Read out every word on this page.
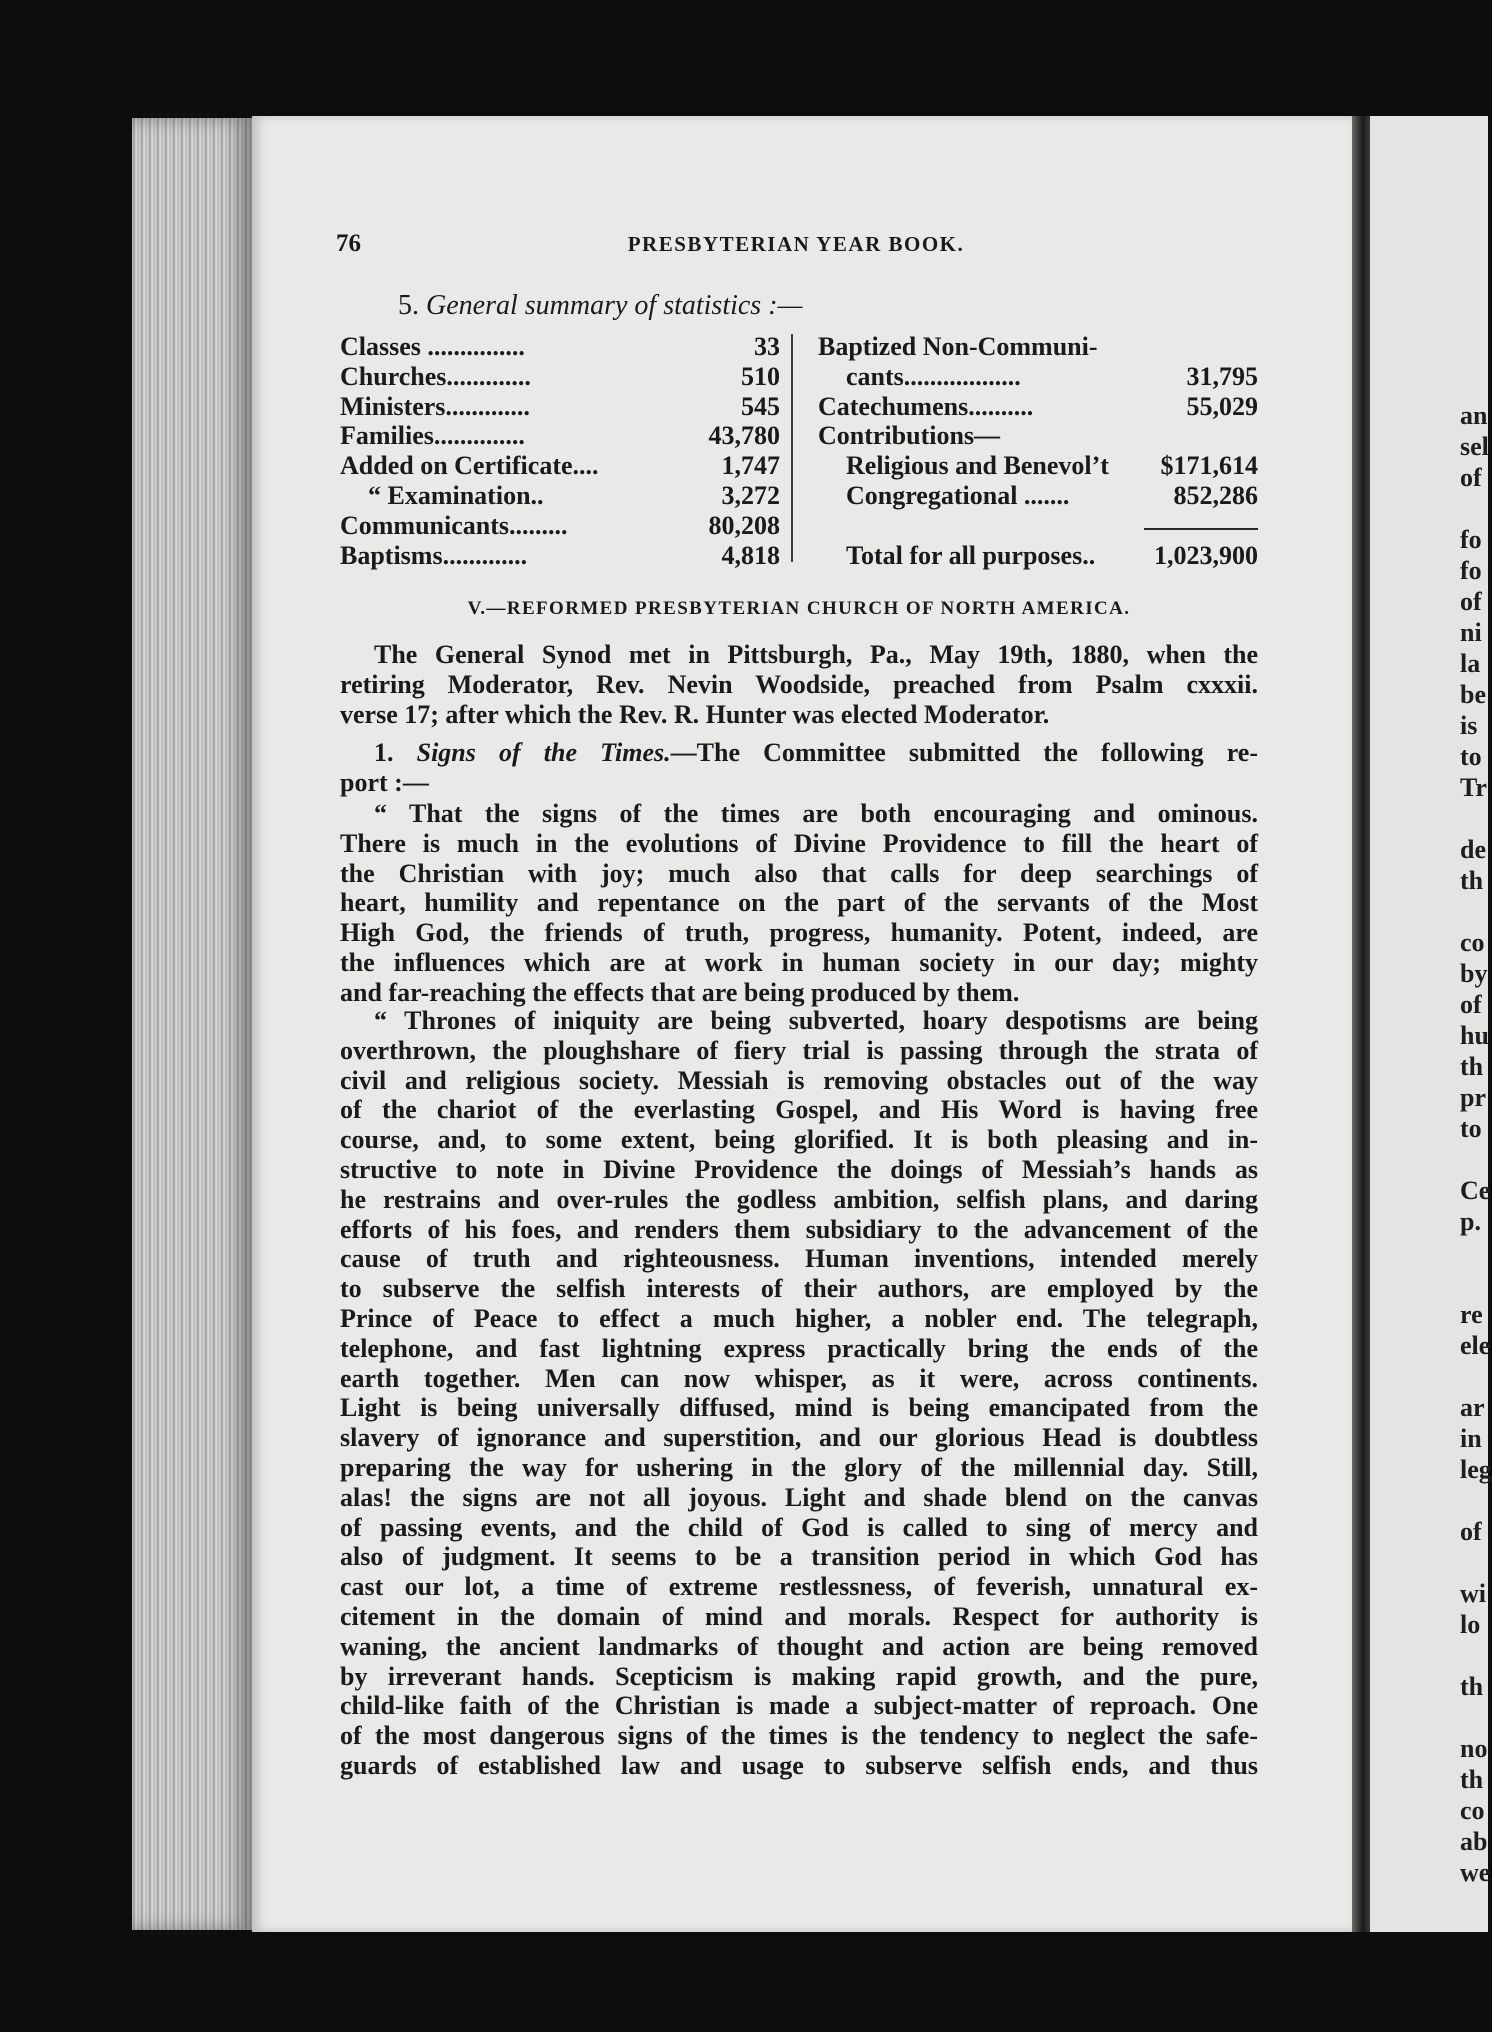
an
sel
of
fo
fo
of
ni
la
be
is
to
Tr
de
th
co
by
of
hu
th
pr
to
Ce
p.
re
ele
ar
in
leg
of
wi
lo
th
no
th
co
ab
we
76	PRESBYTERIAN YEAR BOOK.
5. General summary of statistics :—
Classes ...............	33
Churches.............	510
Ministers.............	545
Families..............	43,780
Added on Certificate....	1,747
“ Examination..	3,272
Communicants.........	80,208
Baptisms.............	4,818
Baptized Non-Communi-
cants..................	31,795
Catechumens..........	55,029
Contributions—
Religious and Benevol’t $171,614
Congregational .......	852,286
Total for all purposes.. 1,023,900
V.—REFORMED PRESBYTERIAN CHURCH OF NORTH AMERICA.
The General Synod met in Pittsburgh, Pa., May 19th, 1880, when the
retiring Moderator, Rev. Nevin Woodside, preached from Psalm cxxxii.
verse 17; after which the Rev. R. Hunter was elected Moderator.
1. Signs of the Times.—The Committee submitted the following re-
port :—
“ That the signs of the times are both encouraging and ominous.
There is much in the evolutions of Divine Providence to fill the heart of
the Christian with joy; much also that calls for deep searchings of
heart, humility and repentance on the part of the servants of the Most
High God, the friends of truth, progress, humanity. Potent, indeed, are
the influences which are at work in human society in our day; mighty
and far-reaching the effects that are being produced by them.
“ Thrones of iniquity are being subverted, hoary despotisms are being
overthrown, the ploughshare of fiery trial is passing through the strata of
civil and religious society. Messiah is removing obstacles out of the way
of the chariot of the everlasting Gospel, and His Word is having free
course, and, to some extent, being glorified. It is both pleasing and in-
structive to note in Divine Providence the doings of Messiah’s hands as
he restrains and over-rules the godless ambition, selfish plans, and daring
efforts of his foes, and renders them subsidiary to the advancement of the
cause of truth and righteousness. Human inventions, intended merely
to subserve the selfish interests of their authors, are employed by the
Prince of Peace to effect a much higher, a nobler end. The telegraph,
telephone, and fast lightning express practically bring the ends of the
earth together. Men can now whisper, as it were, across continents.
Light is being universally diffused, mind is being emancipated from the
slavery of ignorance and superstition, and our glorious Head is doubtless
preparing the way for ushering in the glory of the millennial day. Still,
alas! the signs are not all joyous. Light and shade blend on the canvas
of passing events, and the child of God is called to sing of mercy and
also of judgment. It seems to be a transition period in which God has
cast our lot, a time of extreme restlessness, of feverish, unnatural ex-
citement in the domain of mind and morals. Respect for authority is
waning, the ancient landmarks of thought and action are being removed
by irreverant hands. Scepticism is making rapid growth, and the pure,
child-like faith of the Christian is made a subject-matter of reproach. One
of the most dangerous signs of the times is the tendency to neglect the safe-
guards of established law and usage to subserve selfish ends, and thus
